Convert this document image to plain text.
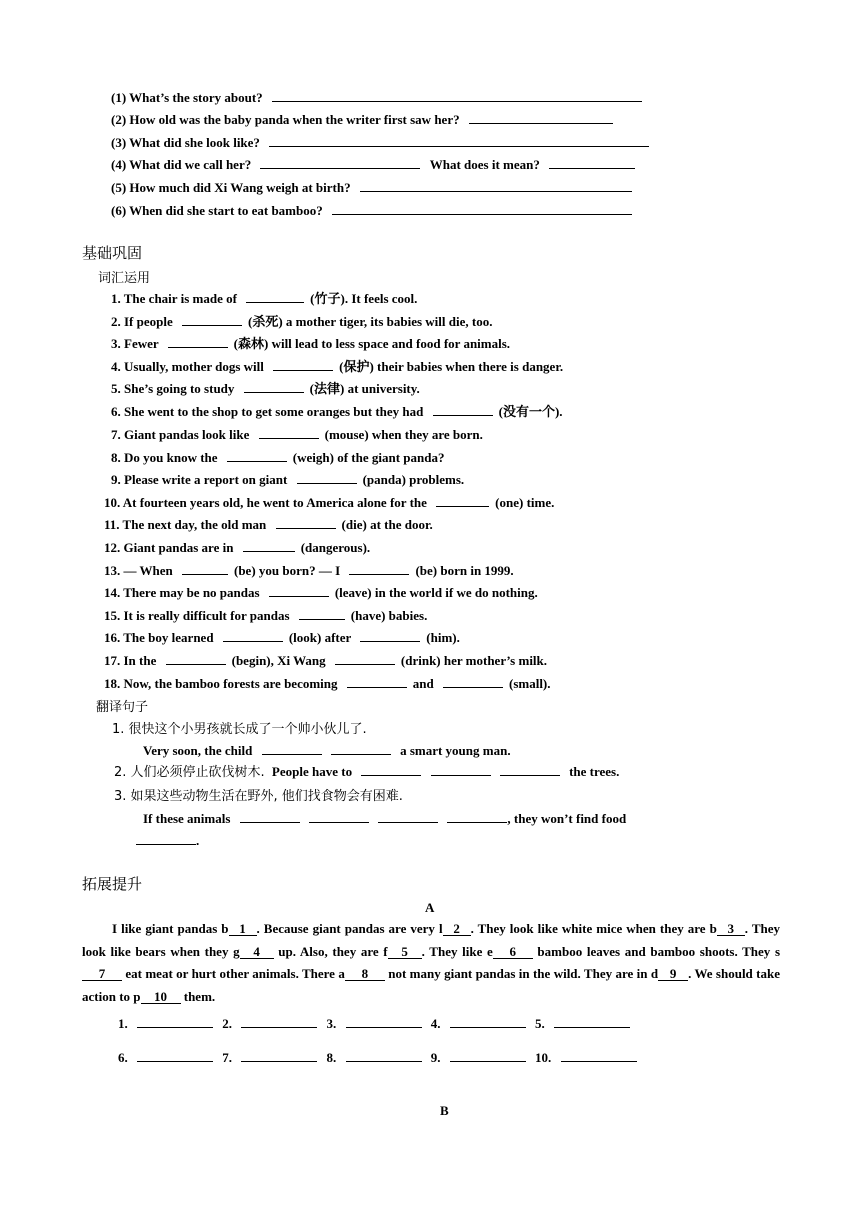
(1) What’s the story about?
(2) How old was the baby panda when the writer first saw her?
(3) What did she look like?
(4) What did we call her?	What does it mean?
(5) How much did Xi Wang weigh at birth?
(6) When did she start to eat bamboo?
基础巩固
词汇运用
1. The chair is made of	(竹子). It feels cool.
2. If people	(杀死) a mother tiger, its babies will die, too.
3. Fewer	(森林) will lead to less space and food for animals.
4. Usually, mother dogs will	(保护) their babies when there is danger.
5. She’s going to study	(法律) at university.
6. She went to the shop to get some oranges but they had	(没有一个).
7. Giant pandas look like	(mouse) when they are born.
8. Do you know the	(weigh) of the giant panda?
9. Please write a report on giant	(panda) problems.
10. At fourteen years old, he went to America alone for the	(one) time.
11. The next day, the old man	(die) at the door.
12. Giant pandas are in	(dangerous).
13. — When	(be) you born? — I	(be) born in 1999.
14. There may be no pandas	(leave) in the world if we do nothing.
15. It is really difficult for pandas	(have) babies.
16. The boy learned	(look) after	(him).
17. In the	(begin), Xi Wang	(drink) her mother’s milk.
18. Now, the bamboo forests are becoming	and	(small).
翻译句子
1. 很快这个小男孩就长成了一个帅小伙儿了.
Very soon, the child	a smart young man.
2. 人们必须停止砍伐树木. People have to	the trees.
3. 如果这些动物生活在野外, 他们找食物会有困难.
If these animals	, they won’t find food
.
拓展提升
A
I like giant pandas b 1 . Because giant pandas are very l 2 . They look like white mice when they are b 3 . They look like bears when they g 4 up. Also, they are f 5 . They like e 6 bamboo leaves and bamboo shoots. They s7 eat meat or hurt other animals. There a 8 not many giant pandas in the wild. They are in d 9 . We should take action to p 10 them.
1.	2.	3.	4.	5.
6.	7.	8.	9.	10.
B
